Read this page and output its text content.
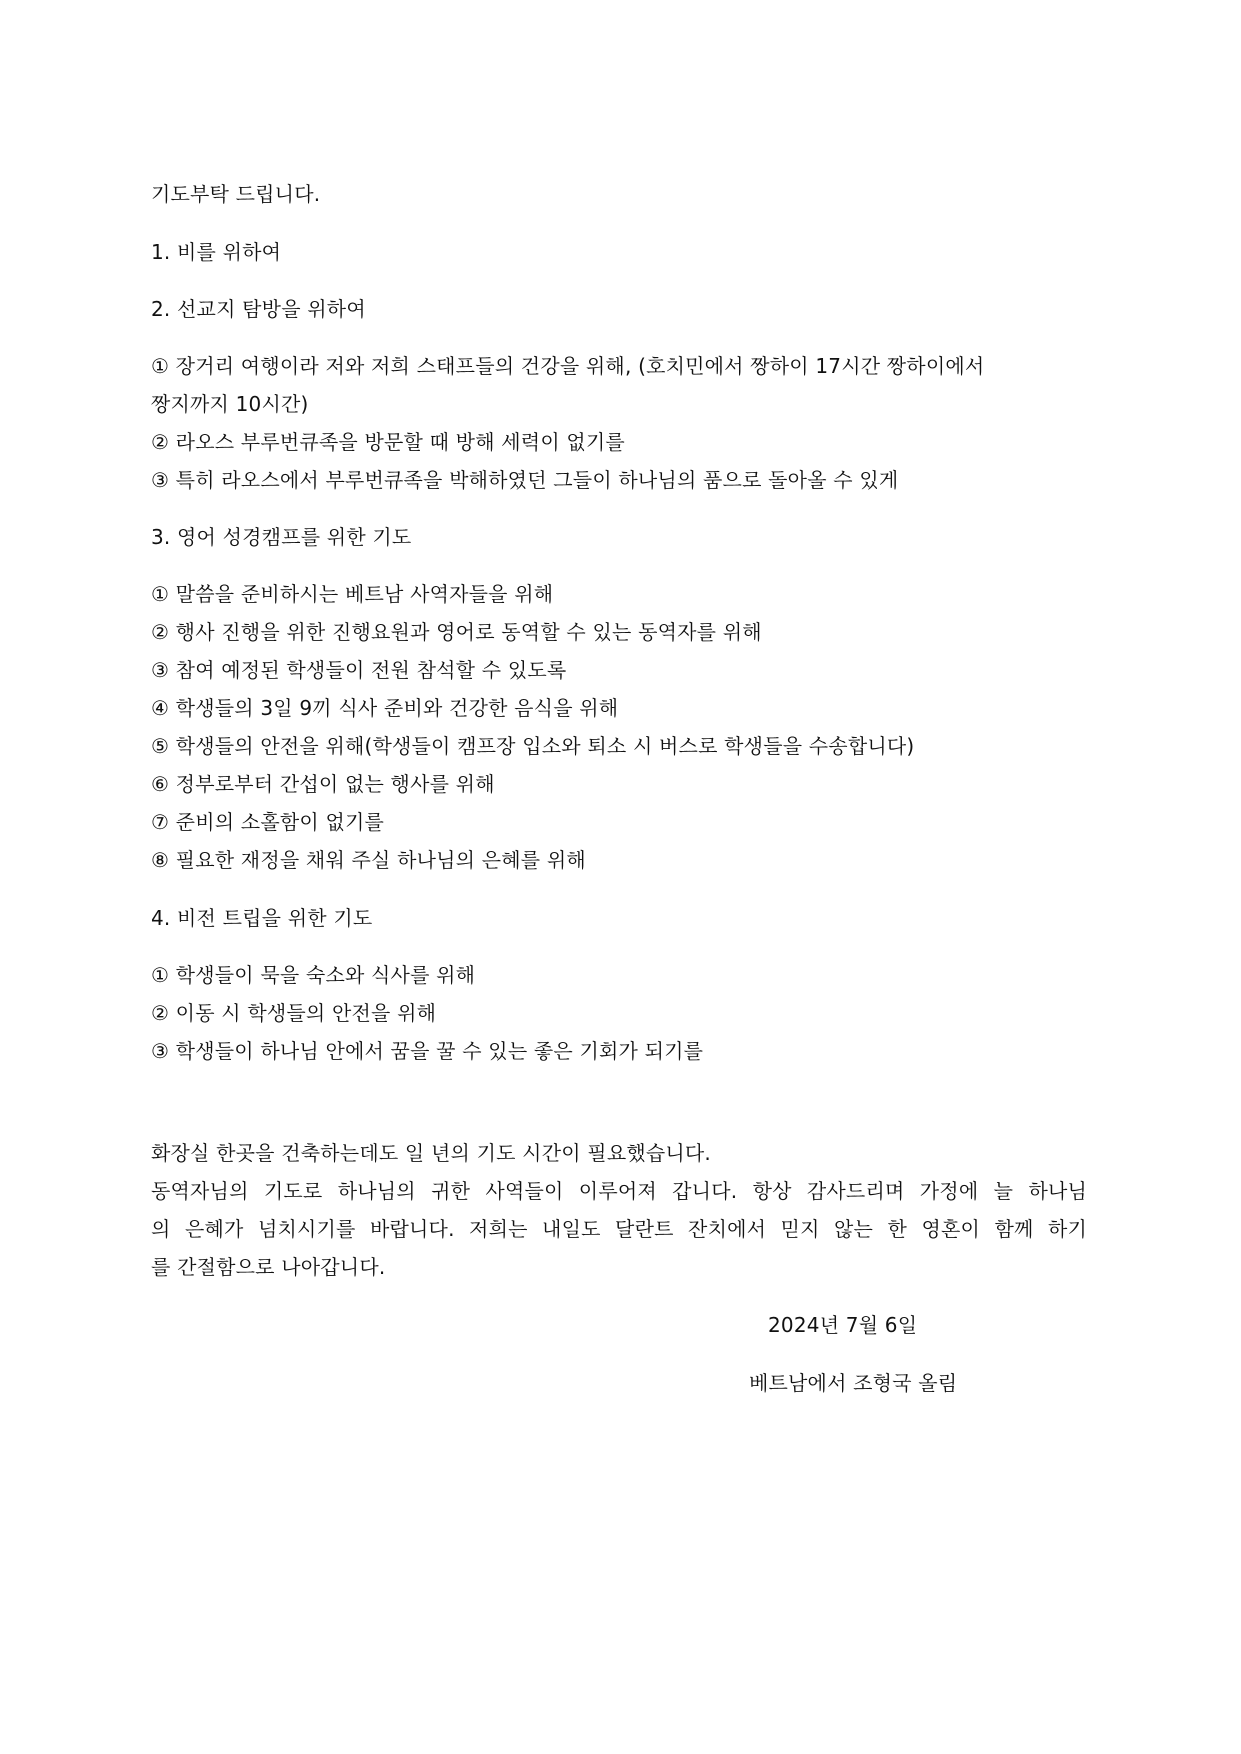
기도부탁 드립니다.
1. 비를 위하여
2. 선교지 탐방을 위하여
① 장거리 여행이라 저와 저희 스태프들의 건강을 위해, (호치민에서 짱하이 17시간 짱하이에서
짱지까지 10시간)
② 라오스 부루번큐족을 방문할 때 방해 세력이 없기를
③ 특히 라오스에서 부루번큐족을 박해하였던 그들이 하나님의 품으로 돌아올 수 있게
3. 영어 성경캠프를 위한 기도
① 말씀을 준비하시는 베트남 사역자들을 위해
② 행사 진행을 위한 진행요원과 영어로 동역할 수 있는 동역자를 위해
③ 참여 예정된 학생들이 전원 참석할 수 있도록
④ 학생들의 3일 9끼 식사 준비와 건강한 음식을 위해
⑤ 학생들의 안전을 위해(학생들이 캠프장 입소와 퇴소 시 버스로 학생들을 수송합니다)
⑥ 정부로부터 간섭이 없는 행사를 위해
⑦ 준비의 소홀함이 없기를
⑧ 필요한 재정을 채워 주실 하나님의 은혜를 위해
4. 비전 트립을 위한 기도
① 학생들이 묵을 숙소와 식사를 위해
② 이동 시 학생들의 안전을 위해
③ 학생들이 하나님 안에서 꿈을 꿀 수 있는 좋은 기회가 되기를
화장실 한곳을 건축하는데도 일 년의 기도 시간이 필요했습니다.
동역자님의 기도로 하나님의 귀한 사역들이 이루어져 갑니다. 항상 감사드리며 가정에 늘 하나님
의 은혜가 넘치시기를 바랍니다. 저희는 내일도 달란트 잔치에서 믿지 않는 한 영혼이 함께 하기
를 간절함으로 나아갑니다.
2024년 7월 6일
베트남에서 조형국 올림
